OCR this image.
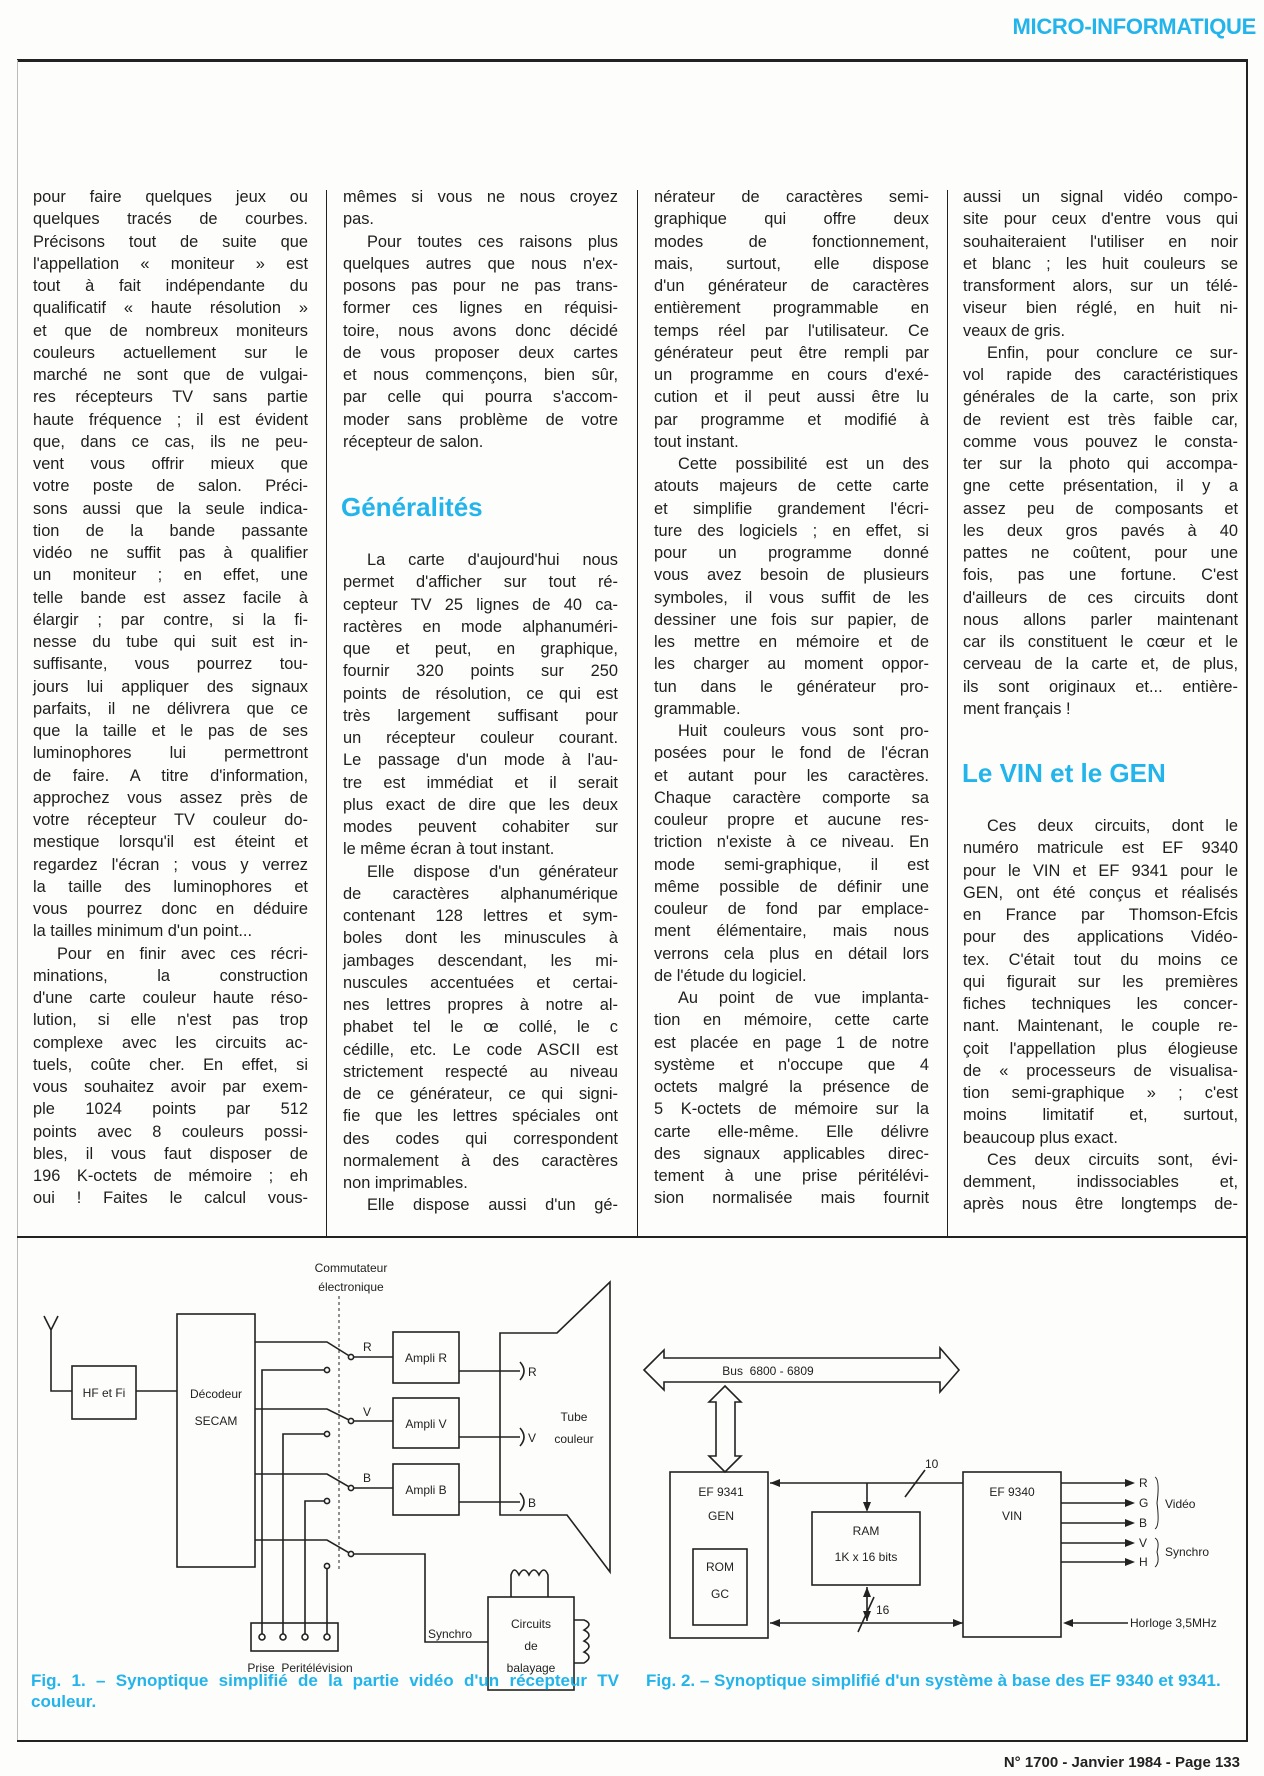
MICRO-INFORMATIQUE
pour faire quelques jeux ou
quelques tracés de courbes.
Précisons tout de suite que
l'appellation « moniteur » est
tout à fait indépendante du
qualificatif « haute résolution »
et que de nombreux moniteurs
couleurs actuellement sur le
marché ne sont que de vulgai-
res récepteurs TV sans partie
haute fréquence ; il est évident
que, dans ce cas, ils ne peu-
vent vous offrir mieux que
votre poste de salon. Préci-
sons aussi que la seule indica-
tion de la bande passante
vidéo ne suffit pas à qualifier
un moniteur ; en effet, une
telle bande est assez facile à
élargir ; par contre, si la fi-
nesse du tube qui suit est in-
suffisante, vous pourrez tou-
jours lui appliquer des signaux
parfaits, il ne délivrera que ce
que la taille et le pas de ses
luminophores lui permettront
de faire. A titre d'information,
approchez vous assez près de
votre récepteur TV couleur do-
mestique lorsqu'il est éteint et
regardez l'écran ; vous y verrez
la taille des luminophores et
vous pourrez donc en déduire
la tailles minimum d'un point...
Pour en finir avec ces récri-
minations, la construction
d'une carte couleur haute réso-
lution, si elle n'est pas trop
complexe avec les circuits ac-
tuels, coûte cher. En effet, si
vous souhaitez avoir par exem-
ple 1024 points par 512
points avec 8 couleurs possi-
bles, il vous faut disposer de
196 K-octets de mémoire ; eh
oui ! Faites le calcul vous-
mêmes si vous ne nous croyez
pas.
Pour toutes ces raisons plus
quelques autres que nous n'ex-
posons pas pour ne pas trans-
former ces lignes en réquisi-
toire, nous avons donc décidé
de vous proposer deux cartes
et nous commençons, bien sûr,
par celle qui pourra s'accom-
moder sans problème de votre
récepteur de salon.
Généralités
La carte d'aujourd'hui nous
permet d'afficher sur tout ré-
cepteur TV 25 lignes de 40 ca-
ractères en mode alphanuméri-
que et peut, en graphique,
fournir 320 points sur 250
points de résolution, ce qui est
très largement suffisant pour
un récepteur couleur courant.
Le passage d'un mode à l'au-
tre est immédiat et il serait
plus exact de dire que les deux
modes peuvent cohabiter sur
le même écran à tout instant.
Elle dispose d'un générateur
de caractères alphanumérique
contenant 128 lettres et sym-
boles dont les minuscules à
jambages descendant, les mi-
nuscules accentuées et certai-
nes lettres propres à notre al-
phabet tel le œ collé, le c
cédille, etc. Le code ASCII est
strictement respecté au niveau
de ce générateur, ce qui signi-
fie que les lettres spéciales ont
des codes qui correspondent
normalement à des caractères
non imprimables.
Elle dispose aussi d'un gé-
nérateur de caractères semi-
graphique qui offre deux
modes de fonctionnement,
mais, surtout, elle dispose
d'un générateur de caractères
entièrement programmable en
temps réel par l'utilisateur. Ce
générateur peut être rempli par
un programme en cours d'exé-
cution et il peut aussi être lu
par programme et modifié à
tout instant.
Cette possibilité est un des
atouts majeurs de cette carte
et simplifie grandement l'écri-
ture des logiciels ; en effet, si
pour un programme donné
vous avez besoin de plusieurs
symboles, il vous suffit de les
dessiner une fois sur papier, de
les mettre en mémoire et de
les charger au moment oppor-
tun dans le générateur pro-
grammable.
Huit couleurs vous sont pro-
posées pour le fond de l'écran
et autant pour les caractères.
Chaque caractère comporte sa
couleur propre et aucune res-
triction n'existe à ce niveau. En
mode semi-graphique, il est
même possible de définir une
couleur de fond par emplace-
ment élémentaire, mais nous
verrons cela plus en détail lors
de l'étude du logiciel.
Au point de vue implanta-
tion en mémoire, cette carte
est placée en page 1 de notre
système et n'occupe que 4
octets malgré la présence de
5 K-octets de mémoire sur la
carte elle-même. Elle délivre
des signaux applicables direc-
tement à une prise péritélévi-
sion normalisée mais fournit
aussi un signal vidéo compo-
site pour ceux d'entre vous qui
souhaiteraient l'utiliser en noir
et blanc ; les huit couleurs se
transforment alors, sur un télé-
viseur bien réglé, en huit ni-
veaux de gris.
Enfin, pour conclure ce sur-
vol rapide des caractéristiques
générales de la carte, son prix
de revient est très faible car,
comme vous pouvez le consta-
ter sur la photo qui accompa-
gne cette présentation, il y a
assez peu de composants et
les deux gros pavés à 40
pattes ne coûtent, pour une
fois, pas une fortune. C'est
d'ailleurs de ces circuits dont
nous allons parler maintenant
car ils constituent le cœur et le
cerveau de la carte et, de plus,
ils sont originaux et... entière-
ment français !
Le VIN et le GEN
Ces deux circuits, dont le
numéro matricule est EF 9340
pour le VIN et EF 9341 pour le
GEN, ont été conçus et réalisés
en France par Thomson-Efcis
pour des applications Vidéo-
tex. C'était tout du moins ce
qui figurait sur les premières
fiches techniques les concer-
nant. Maintenant, le couple re-
çoit l'appellation plus élogieuse
de « processeurs de visualisa-
tion semi-graphique » ; c'est
moins limitatif et, surtout,
beaucoup plus exact.
Ces deux circuits sont, évi-
demment, indissociables et,
après nous être longtemps de-
Commutateur
électronique
HF et Fi	Décodeur
SECAM
R
V
B
Ampli R
Ampli V
Ampli B
R
V
B
Tube
couleur
Prise  Peritélévision
Synchro
Circuits
de
balayage
Bus  6800 - 6809
EF 9341
GEN
ROM
GC
RAM
1K x 16 bits
EF 9340
VIN
10
16
R
G
B
V
H
Vidéo
Synchro
Horloge 3,5MHz
Fig. 1. – Synoptique simplifié de la partie vidéo d'un récepteur TV couleur.
Fig. 2. – Synoptique simplifié d'un système à base des EF 9340 et 9341.
N° 1700 - Janvier 1984 - Page 133
